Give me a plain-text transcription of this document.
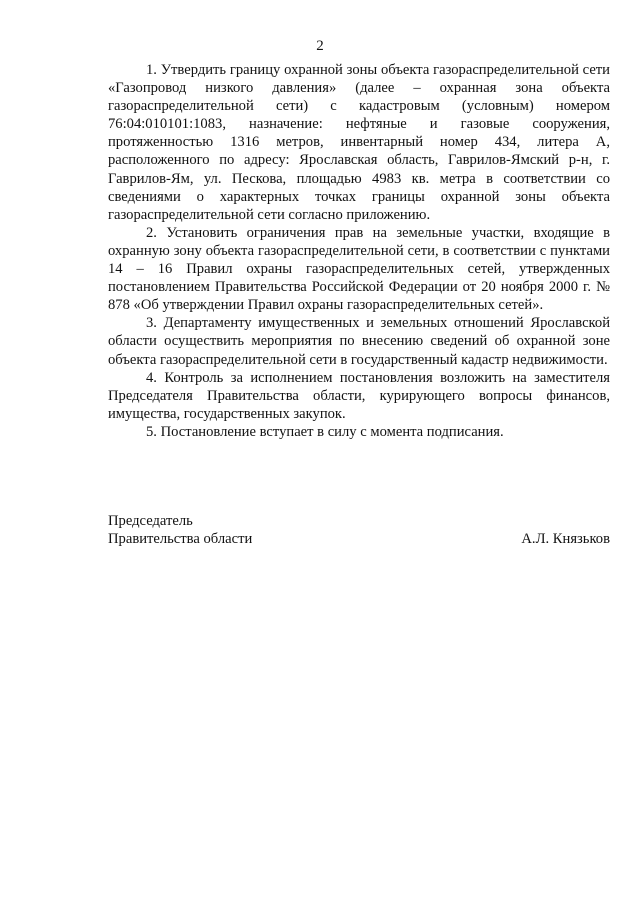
2

1. Утвердить границу охранной зоны объекта газораспределительной сети «Газопровод низкого давления» (далее – охранная зона объекта газораспределительной сети) с кадастровым (условным) номером 76:04:010101:1083, назначение: нефтяные и газовые сооружения, протяженностью 1316 метров, инвентарный номер 434, литера А, расположенного по адресу: Ярославская область, Гаврилов-Ямский р-н, г. Гаврилов-Ям, ул. Пескова, площадью 4983 кв. метра в соответствии со сведениями о характерных точках границы охранной зоны объекта газораспределительной сети согласно приложению.

2. Установить ограничения прав на земельные участки, входящие в охранную зону объекта газораспределительной сети, в соответствии с пунктами 14 – 16 Правил охраны газораспределительных сетей, утвержденных постановлением Правительства Российской Федерации от 20 ноября 2000 г. № 878 «Об утверждении Правил охраны газораспределительных сетей».

3. Департаменту имущественных и земельных отношений Ярославской области осуществить мероприятия по внесению сведений об охранной зоне объекта газораспределительной сети в государственный кадастр недвижимости.

4. Контроль за исполнением постановления возложить на заместителя Председателя Правительства области, курирующего вопросы финансов, имущества, государственных закупок.

5. Постановление вступает в силу с момента подписания.

Председатель
Правительства области	А.Л. Князьков
